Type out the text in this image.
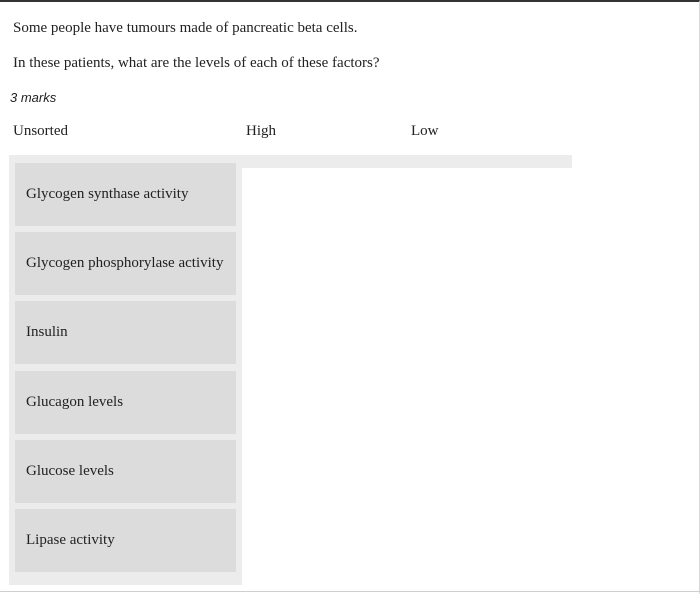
Some people have tumours made of pancreatic beta cells.

In these patients, what are the levels of each of these factors?

3 marks
Unsorted	High	Low
Glycogen synthase activity
Glycogen phosphorylase activity
Insulin
Glucagon levels
Glucose levels
Lipase activity
